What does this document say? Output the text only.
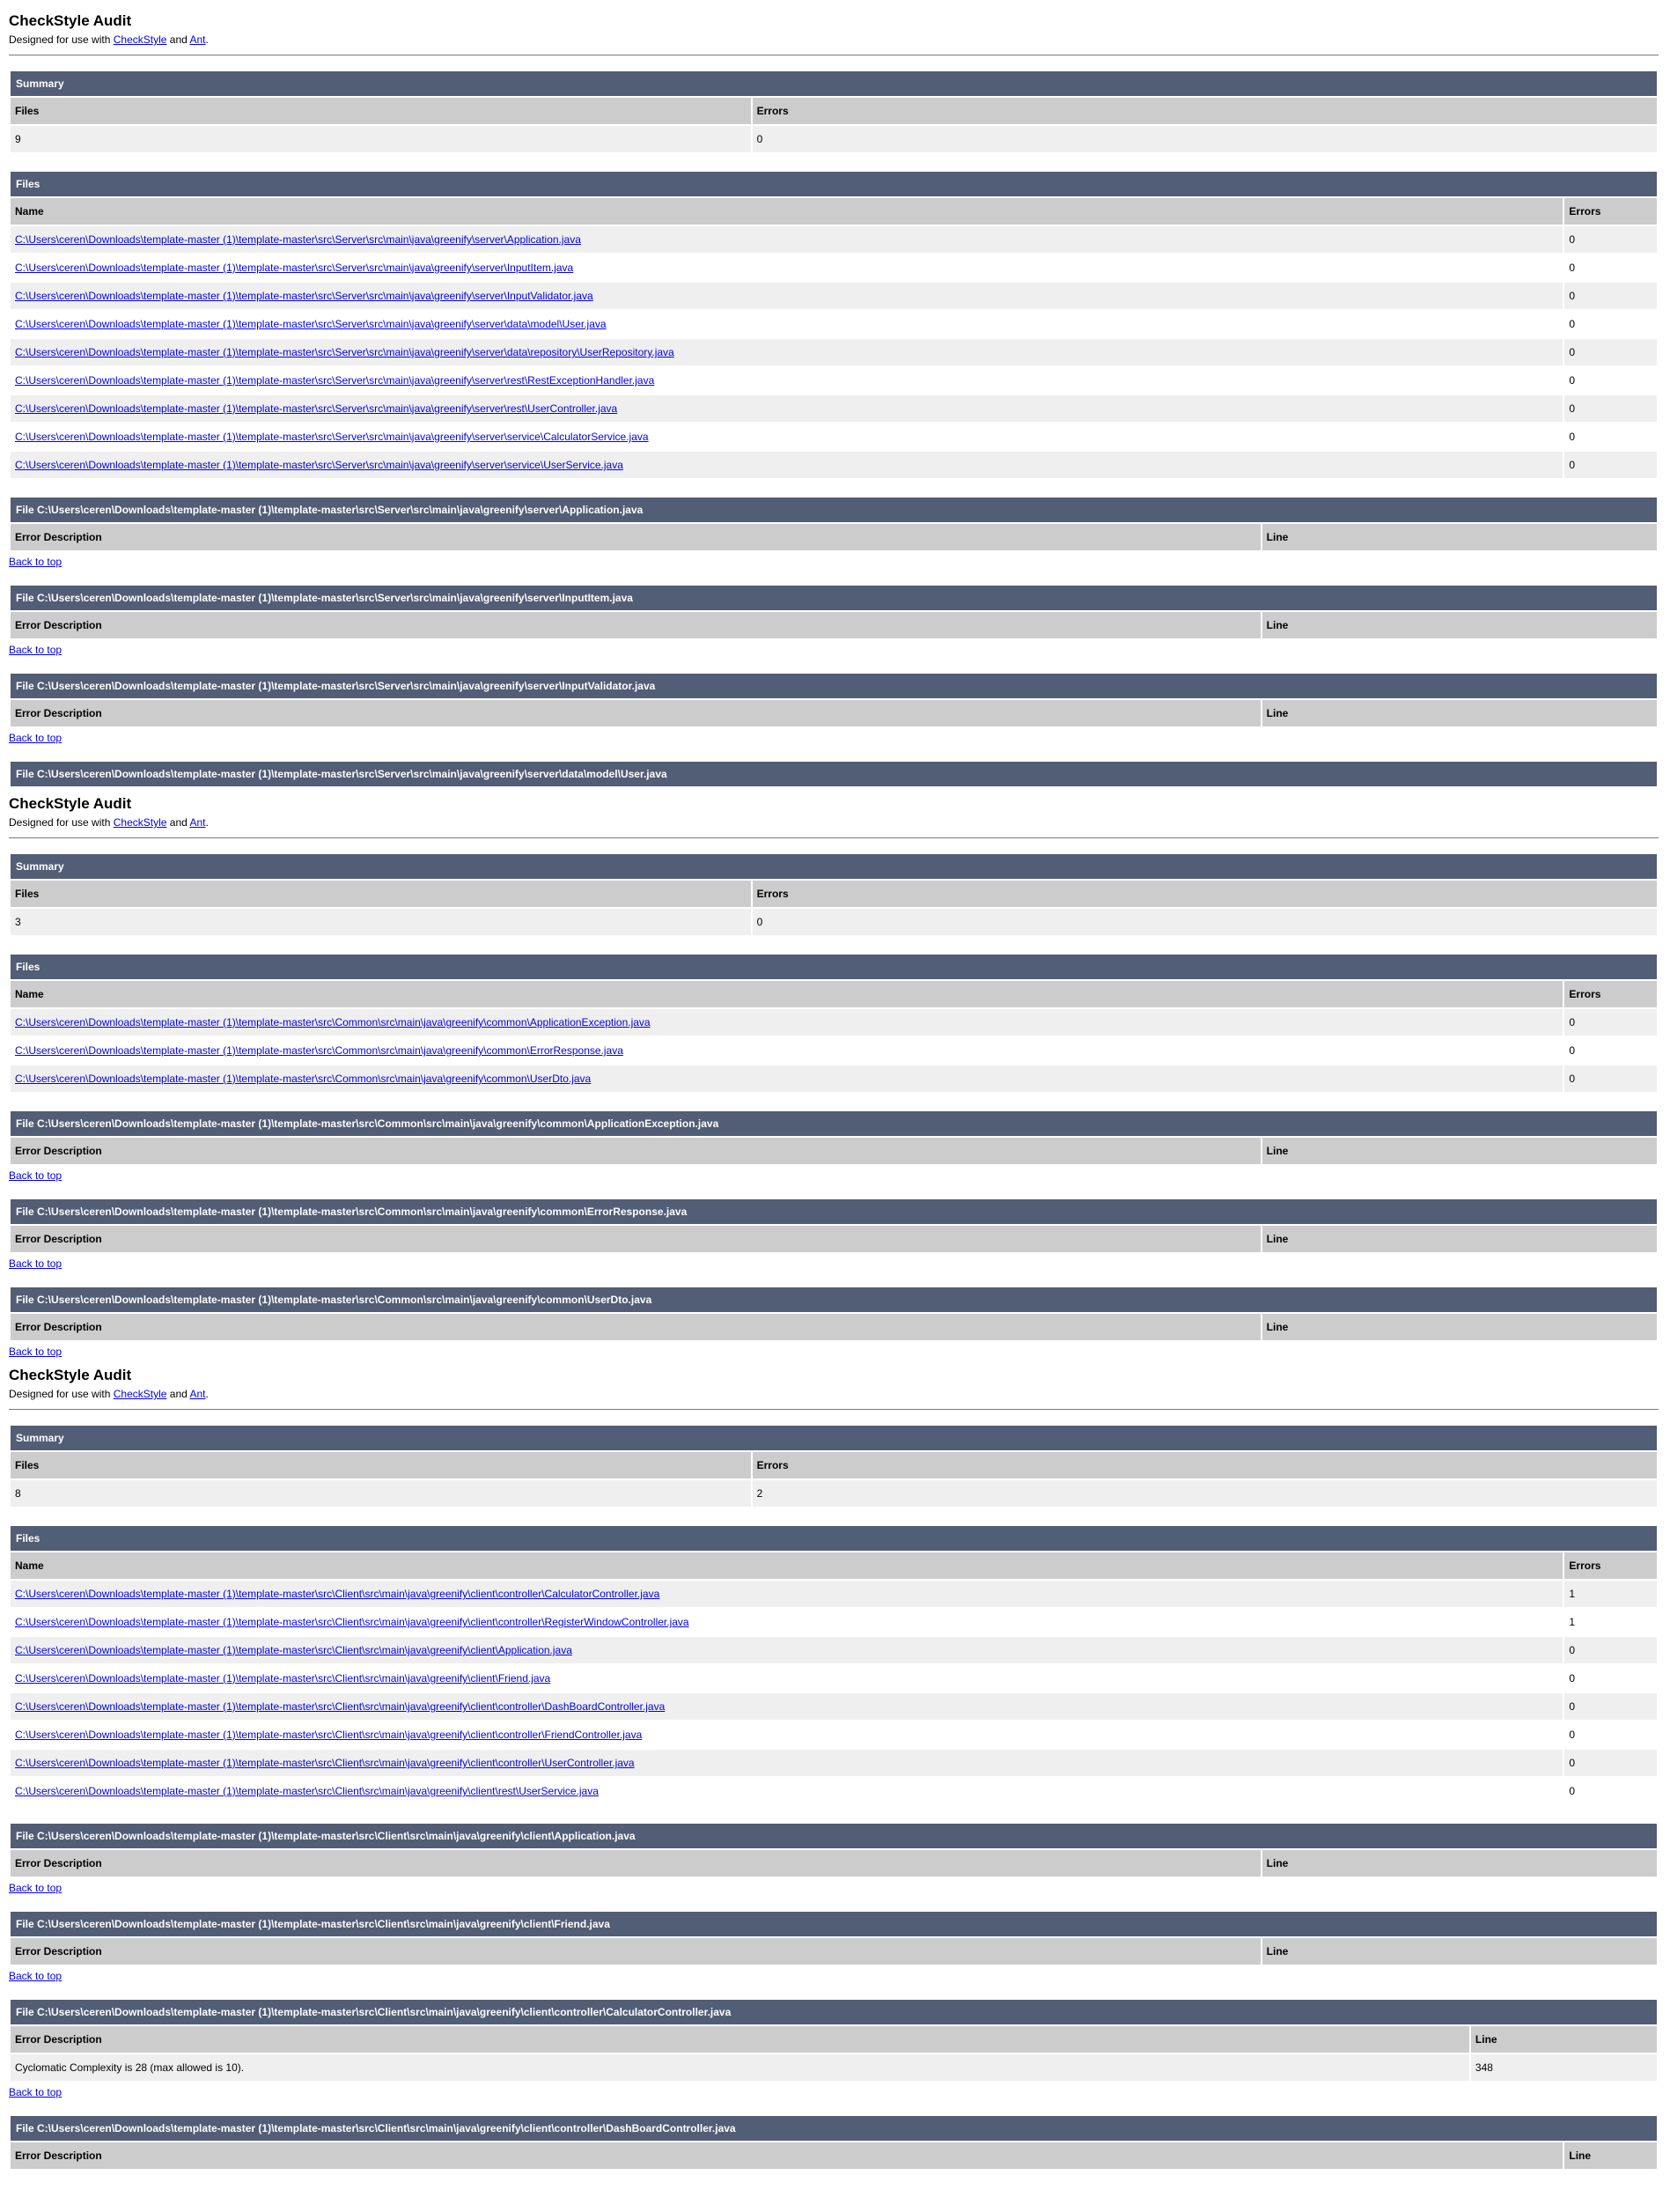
CheckStyle Audit

Designed for use with CheckStyle and Ant.

Summary
Files	Errors
9	0
Files
Name	Errors
C:\Users\ceren\Downloads\template-master (1)\template-master\src\Server\src\main\java\greenify\server\Application.java	0
C:\Users\ceren\Downloads\template-master (1)\template-master\src\Server\src\main\java\greenify\server\InputItem.java	0
C:\Users\ceren\Downloads\template-master (1)\template-master\src\Server\src\main\java\greenify\server\InputValidator.java	0
C:\Users\ceren\Downloads\template-master (1)\template-master\src\Server\src\main\java\greenify\server\data\model\User.java	0
C:\Users\ceren\Downloads\template-master (1)\template-master\src\Server\src\main\java\greenify\server\data\repository\UserRepository.java	0
C:\Users\ceren\Downloads\template-master (1)\template-master\src\Server\src\main\java\greenify\server\rest\RestExceptionHandler.java	0
C:\Users\ceren\Downloads\template-master (1)\template-master\src\Server\src\main\java\greenify\server\rest\UserController.java	0
C:\Users\ceren\Downloads\template-master (1)\template-master\src\Server\src\main\java\greenify\server\service\CalculatorService.java	0
C:\Users\ceren\Downloads\template-master (1)\template-master\src\Server\src\main\java\greenify\server\service\UserService.java	0
File C:\Users\ceren\Downloads\template-master (1)\template-master\src\Server\src\main\java\greenify\server\Application.java
Error Description	Line
Back to top
File C:\Users\ceren\Downloads\template-master (1)\template-master\src\Server\src\main\java\greenify\server\InputItem.java
Error Description	Line
Back to top
File C:\Users\ceren\Downloads\template-master (1)\template-master\src\Server\src\main\java\greenify\server\InputValidator.java
Error Description	Line
Back to top
File C:\Users\ceren\Downloads\template-master (1)\template-master\src\Server\src\main\java\greenify\server\data\model\User.java
CheckStyle Audit

Designed for use with CheckStyle and Ant.

Summary
Files	Errors
3	0
Files
Name	Errors
C:\Users\ceren\Downloads\template-master (1)\template-master\src\Common\src\main\java\greenify\common\ApplicationException.java	0
C:\Users\ceren\Downloads\template-master (1)\template-master\src\Common\src\main\java\greenify\common\ErrorResponse.java	0
C:\Users\ceren\Downloads\template-master (1)\template-master\src\Common\src\main\java\greenify\common\UserDto.java	0
File C:\Users\ceren\Downloads\template-master (1)\template-master\src\Common\src\main\java\greenify\common\ApplicationException.java
Error Description	Line
Back to top
File C:\Users\ceren\Downloads\template-master (1)\template-master\src\Common\src\main\java\greenify\common\ErrorResponse.java
Error Description	Line
Back to top
File C:\Users\ceren\Downloads\template-master (1)\template-master\src\Common\src\main\java\greenify\common\UserDto.java
Error Description	Line
Back to top
CheckStyle Audit

Designed for use with CheckStyle and Ant.

Summary
Files	Errors
8	2
Files
Name	Errors
C:\Users\ceren\Downloads\template-master (1)\template-master\src\Client\src\main\java\greenify\client\controller\CalculatorController.java	1
C:\Users\ceren\Downloads\template-master (1)\template-master\src\Client\src\main\java\greenify\client\controller\RegisterWindowController.java	1
C:\Users\ceren\Downloads\template-master (1)\template-master\src\Client\src\main\java\greenify\client\Application.java	0
C:\Users\ceren\Downloads\template-master (1)\template-master\src\Client\src\main\java\greenify\client\Friend.java	0
C:\Users\ceren\Downloads\template-master (1)\template-master\src\Client\src\main\java\greenify\client\controller\DashBoardController.java	0
C:\Users\ceren\Downloads\template-master (1)\template-master\src\Client\src\main\java\greenify\client\controller\FriendController.java	0
C:\Users\ceren\Downloads\template-master (1)\template-master\src\Client\src\main\java\greenify\client\controller\UserController.java	0
C:\Users\ceren\Downloads\template-master (1)\template-master\src\Client\src\main\java\greenify\client\rest\UserService.java	0
File C:\Users\ceren\Downloads\template-master (1)\template-master\src\Client\src\main\java\greenify\client\Application.java
Error Description	Line
Back to top
File C:\Users\ceren\Downloads\template-master (1)\template-master\src\Client\src\main\java\greenify\client\Friend.java
Error Description	Line
Back to top
File C:\Users\ceren\Downloads\template-master (1)\template-master\src\Client\src\main\java\greenify\client\controller\CalculatorController.java
Error Description	Line
Cyclomatic Complexity is 28 (max allowed is 10).	348
Back to top
File C:\Users\ceren\Downloads\template-master (1)\template-master\src\Client\src\main\java\greenify\client\controller\DashBoardController.java
Error Description	Line
